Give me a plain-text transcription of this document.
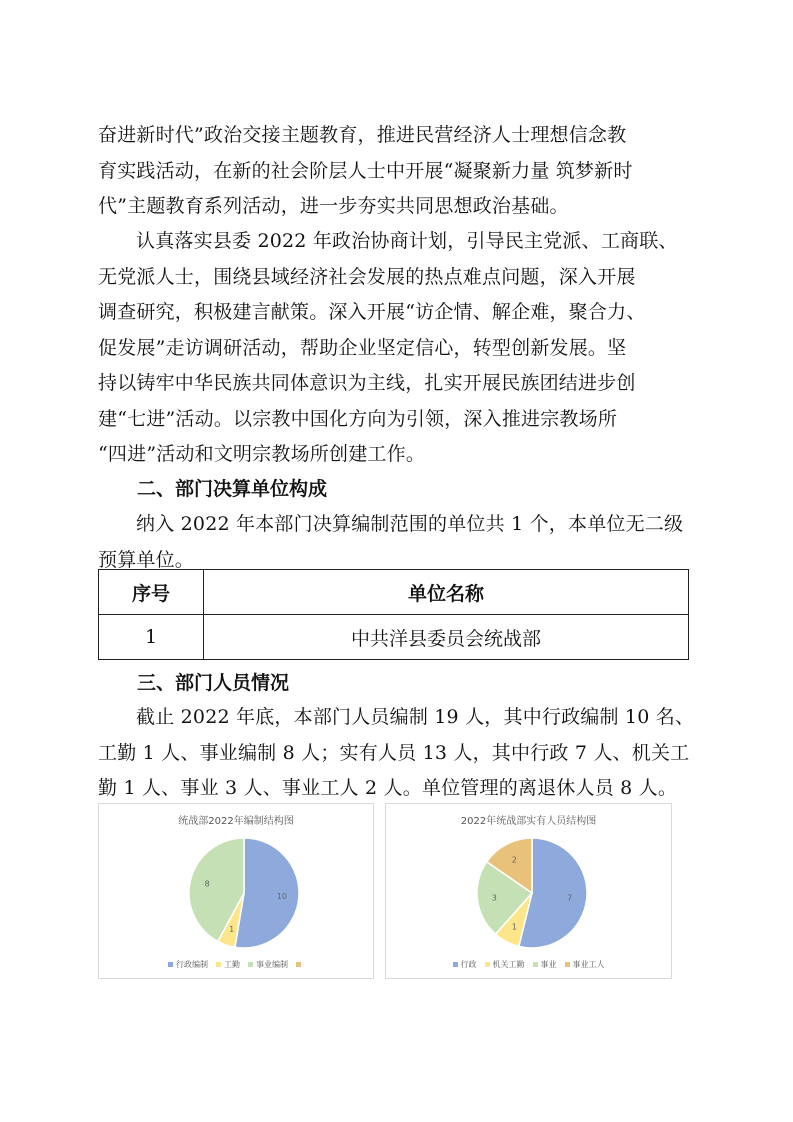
奋进新时代”政治交接主题教育，推进民营经济人士理想信念教
育实践活动，在新的社会阶层人士中开展“凝聚新力量 筑梦新时
代”主题教育系列活动，进一步夯实共同思想政治基础。

认真落实县委 2022 年政治协商计划，引导民主党派、工商联、
无党派人士，围绕县域经济社会发展的热点难点问题，深入开展
调查研究，积极建言献策。深入开展“访企情、解企难，聚合力、
促发展”走访调研活动，帮助企业坚定信心，转型创新发展。坚
持以铸牢中华民族共同体意识为主线，扎实开展民族团结进步创
建“七进”活动。以宗教中国化方向为引领，深入推进宗教场所
“四进”活动和文明宗教场所创建工作。

二、部门决算单位构成

纳入 2022 年本部门决算编制范围的单位共 1 个，本单位无二级
预算单位。

序号	单位名称
1	中共洋县委员会统战部
三、部门人员情况

截止 2022 年底，本部门人员编制 19 人，其中行政编制 10 名、
工勤 1 人、事业编制 8 人；实有人员 13 人，其中行政 7 人、机关工
勤 1 人、事业 3 人、事业工人 2 人。单位管理的离退休人员 8 人。

统战部2022年编制结构图
10
1
8
行政编制 工勤 事业编制
2022年统战部实有人员结构图
7
1
3
2
行政 机关工勤 事业 事业工人
